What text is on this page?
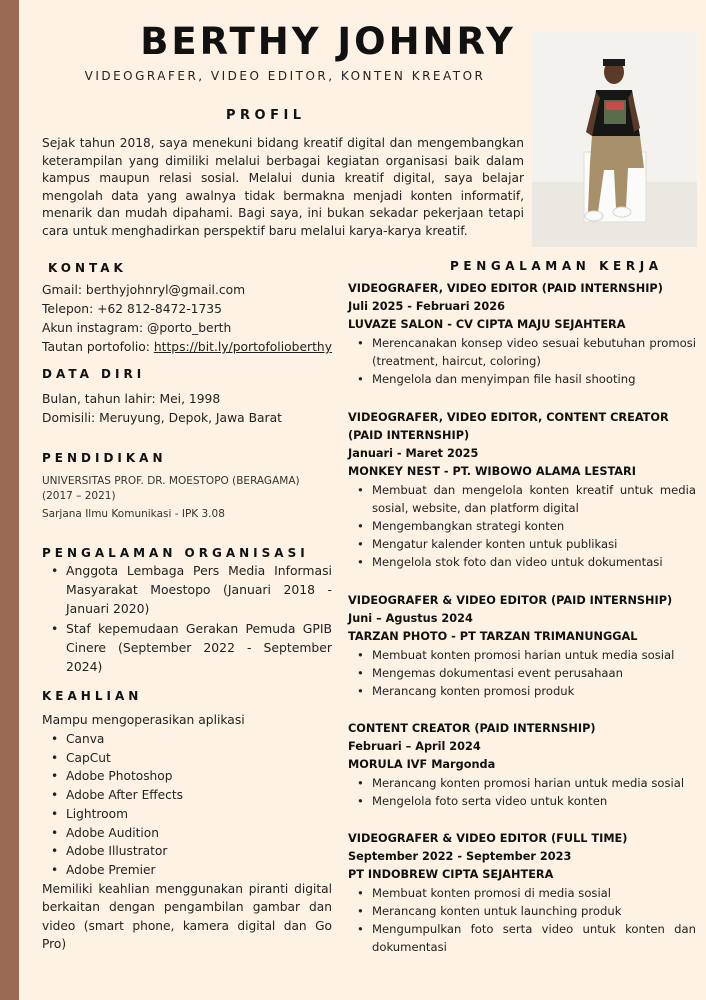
BERTHY JOHNRY
VIDEOGRAFER, VIDEO EDITOR, KONTEN KREATOR
PROFIL
Sejak tahun 2018, saya menekuni bidang kreatif digital dan mengembangkan keterampilan yang dimiliki melalui berbagai kegiatan organisasi baik dalam kampus maupun relasi sosial. Melalui dunia kreatif digital, saya belajar mengolah data yang awalnya tidak bermakna menjadi konten informatif, menarik dan mudah dipahami. Bagi saya, ini bukan sekadar pekerjaan tetapi cara untuk menghadirkan perspektif baru melalui karya-karya kreatif.
KONTAK
Gmail: berthyjohnryl@gmail.com
Telepon: +62 812-8472-1735
Akun instagram: @porto_berth
Tautan portofolio: https://bit.ly/portofolioberthy
DATA DIRI
Bulan, tahun lahir: Mei, 1998
Domisili: Meruyung, Depok, Jawa Barat
PENDIDIKAN
UNIVERSITAS PROF. DR. MOESTOPO (BERAGAMA)
(2017 – 2021)
Sarjana Ilmu Komunikasi - IPK 3.08
PENGALAMAN ORGANISASI
• Anggota Lembaga Pers Media Informasi Masyarakat Moestopo (Januari 2018 - Januari 2020)
• Staf kepemudaan Gerakan Pemuda GPIB Cinere (September 2022 - September 2024)
KEAHLIAN
Mampu mengoperasikan aplikasi
• Canva
• CapCut
• Adobe Photoshop
• Adobe After Effects
• Lightroom
• Adobe Audition
• Adobe Illustrator
• Adobe Premier
Memiliki keahlian menggunakan piranti digital berkaitan dengan pengambilan gambar dan video (smart phone, kamera digital dan Go Pro)
PENGALAMAN KERJA
VIDEOGRAFER, VIDEO EDITOR (PAID INTERNSHIP)
Juli 2025 - Februari 2026
LUVAZE SALON - CV CIPTA MAJU SEJAHTERA
• Merencanakan konsep video sesuai kebutuhan promosi (treatment, haircut, coloring)
• Mengelola dan menyimpan file hasil shooting
VIDEOGRAFER, VIDEO EDITOR, CONTENT CREATOR (PAID INTERNSHIP)
Januari - Maret 2025
MONKEY NEST - PT. WIBOWO ALAMA LESTARI
• Membuat dan mengelola konten kreatif untuk media sosial, website, dan platform digital
• Mengembangkan strategi konten
• Mengatur kalender konten untuk publikasi
• Mengelola stok foto dan video untuk dokumentasi
VIDEOGRAFER & VIDEO EDITOR (PAID INTERNSHIP)
Juni – Agustus 2024
TARZAN PHOTO - PT TARZAN TRIMANUNGGAL
• Membuat konten promosi harian untuk media sosial
• Mengemas dokumentasi event perusahaan
• Merancang konten promosi produk
CONTENT CREATOR (PAID INTERNSHIP)
Februari – April 2024
MORULA IVF Margonda
• Merancang konten promosi harian untuk media sosial
• Mengelola foto serta video untuk konten
VIDEOGRAFER & VIDEO EDITOR (FULL TIME)
September 2022 - September 2023
PT INDOBREW CIPTA SEJAHTERA
• Membuat konten promosi di media sosial
• Merancang konten untuk launching produk
• Mengumpulkan foto serta video untuk konten dan dokumentasi
